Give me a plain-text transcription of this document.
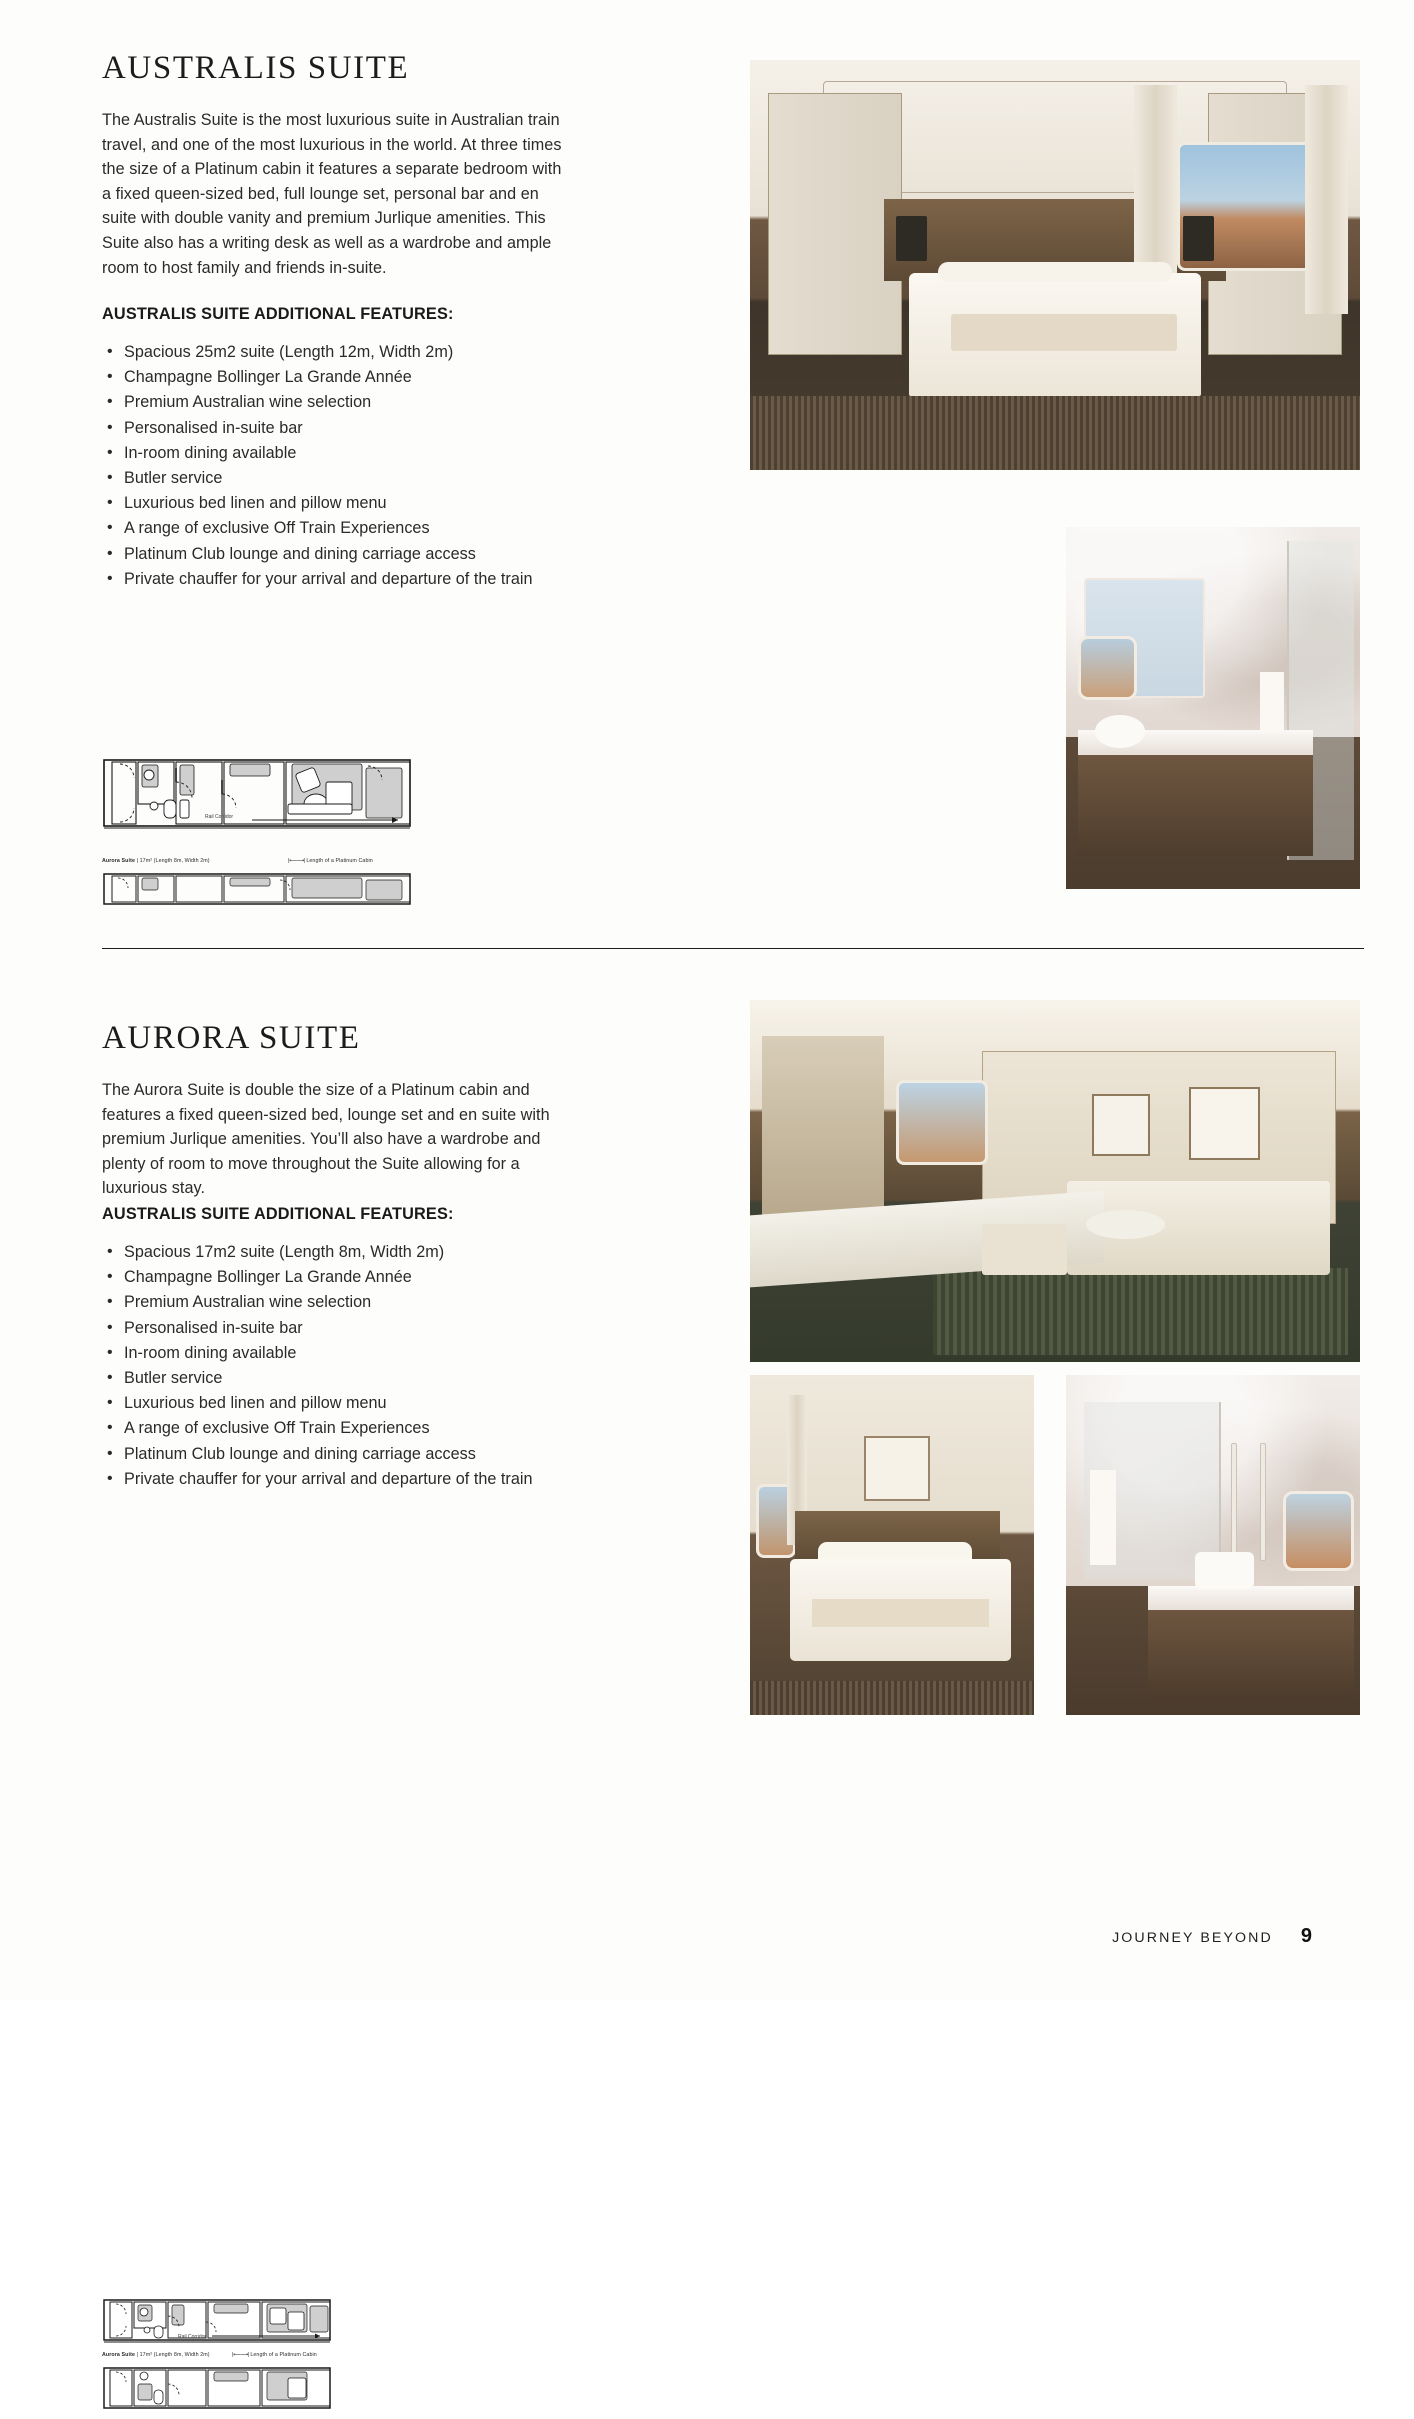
AUSTRALIS SUITE

The Australis Suite is the most luxurious suite in Australian train travel, and one of the most luxurious in the world. At three times the size of a Platinum cabin it features a separate bedroom with a fixed queen-sized bed, full lounge set, personal bar and en suite with double vanity and premium Jurlique amenities. This Suite also has a writing desk as well as a wardrobe and ample room to host family and friends in-suite.

AUSTRALIS SUITE ADDITIONAL FEATURES:
• Spacious 25m2 suite (Length 12m, Width 2m)
• Champagne Bollinger La Grande Année
• Premium Australian wine selection
• Personalised in-suite bar
• In-room dining available
• Butler service
• Luxurious bed linen and pillow menu
• A range of exclusive Off Train Experiences
• Platinum Club lounge and dining carriage access
• Private chauffer for your arrival and departure of the train
Rail Corridor
Aurora Suite | 17m² (Length 8m, Width 2m)	|⟵⟶| Length of a Platinum Cabin
AURORA SUITE

The Aurora Suite is double the size of a Platinum cabin and features a fixed queen-sized bed, lounge set and en suite with premium Jurlique amenities. You’ll also have a wardrobe and plenty of room to move throughout the Suite allowing for a luxurious stay.

AUSTRALIS SUITE ADDITIONAL FEATURES:
• Spacious 17m2 suite (Length 8m, Width 2m)
• Champagne Bollinger La Grande Année
• Premium Australian wine selection
• Personalised in-suite bar
• In-room dining available
• Butler service
• Luxurious bed linen and pillow menu
• A range of exclusive Off Train Experiences
• Platinum Club lounge and dining carriage access
• Private chauffer for your arrival and departure of the train
Rail Corridor
Aurora Suite | 17m² (Length 8m, Width 2m)	|⟵⟶| Length of a Platinum Cabin
JOURNEY BEYOND 9
